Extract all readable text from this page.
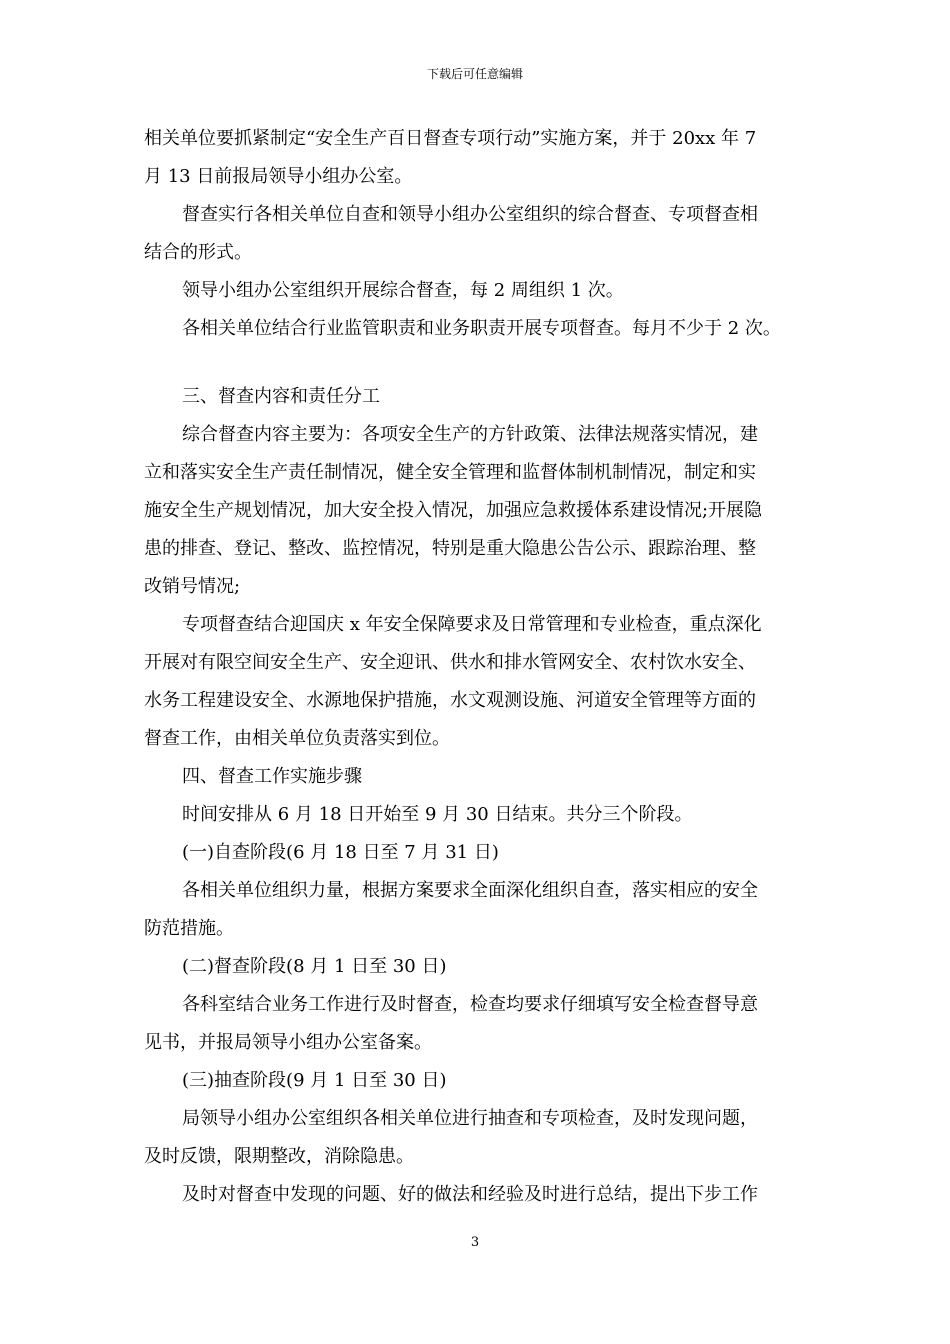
下载后可任意编辑
相关单位要抓紧制定“安全生产百日督查专项行动”实施方案，并于 20xx 年 7
月 13 日前报局领导小组办公室。
督查实行各相关单位自查和领导小组办公室组织的综合督查、专项督查相
结合的形式。
领导小组办公室组织开展综合督查，每 2 周组织 1 次。
各相关单位结合行业监管职责和业务职责开展专项督查。每月不少于 2 次。
三、督查内容和责任分工
综合督查内容主要为：各项安全生产的方针政策、法律法规落实情况，建
立和落实安全生产责任制情况，健全安全管理和监督体制机制情况，制定和实
施安全生产规划情况，加大安全投入情况，加强应急救援体系建设情况;开展隐
患的排查、登记、整改、监控情况，特别是重大隐患公告公示、跟踪治理、整
改销号情况;
专项督查结合迎国庆 x 年安全保障要求及日常管理和专业检查，重点深化
开展对有限空间安全生产、安全迎讯、供水和排水管网安全、农村饮水安全、
水务工程建设安全、水源地保护措施，水文观测设施、河道安全管理等方面的
督查工作，由相关单位负责落实到位。
四、督查工作实施步骤
时间安排从 6 月 18 日开始至 9 月 30 日结束。共分三个阶段。
(一)自查阶段(6 月 18 日至 7 月 31 日)
各相关单位组织力量，根据方案要求全面深化组织自查，落实相应的安全
防范措施。
(二)督查阶段(8 月 1 日至 30 日)
各科室结合业务工作进行及时督查，检查均要求仔细填写安全检查督导意
见书，并报局领导小组办公室备案。
(三)抽查阶段(9 月 1 日至 30 日)
局领导小组办公室组织各相关单位进行抽查和专项检查，及时发现问题，
及时反馈，限期整改，消除隐患。
及时对督查中发现的问题、好的做法和经验及时进行总结，提出下步工作
3
